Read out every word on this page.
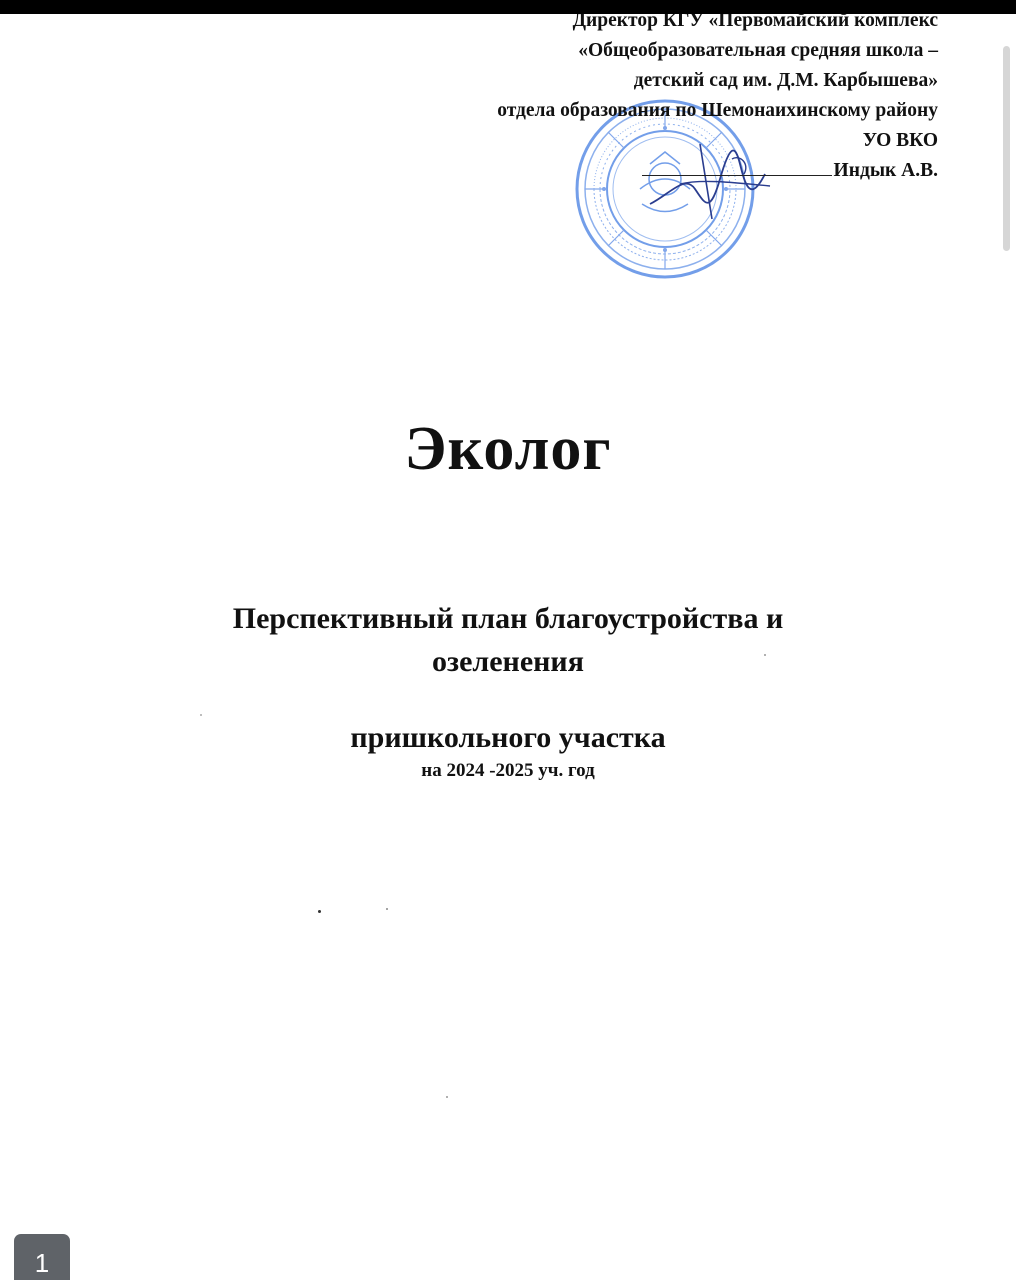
Директор КГУ «Первомайский комплекс
«Общеобразовательная средняя школа –
детский сад им. Д.М. Карбышева»
отдела образования по Шемонаихинскому району
УО ВКО
Индык А.В.
Эколог
Перспективный план благоустройства и
озеленения
пришкольного участка
на 2024 -2025 уч. год
1
